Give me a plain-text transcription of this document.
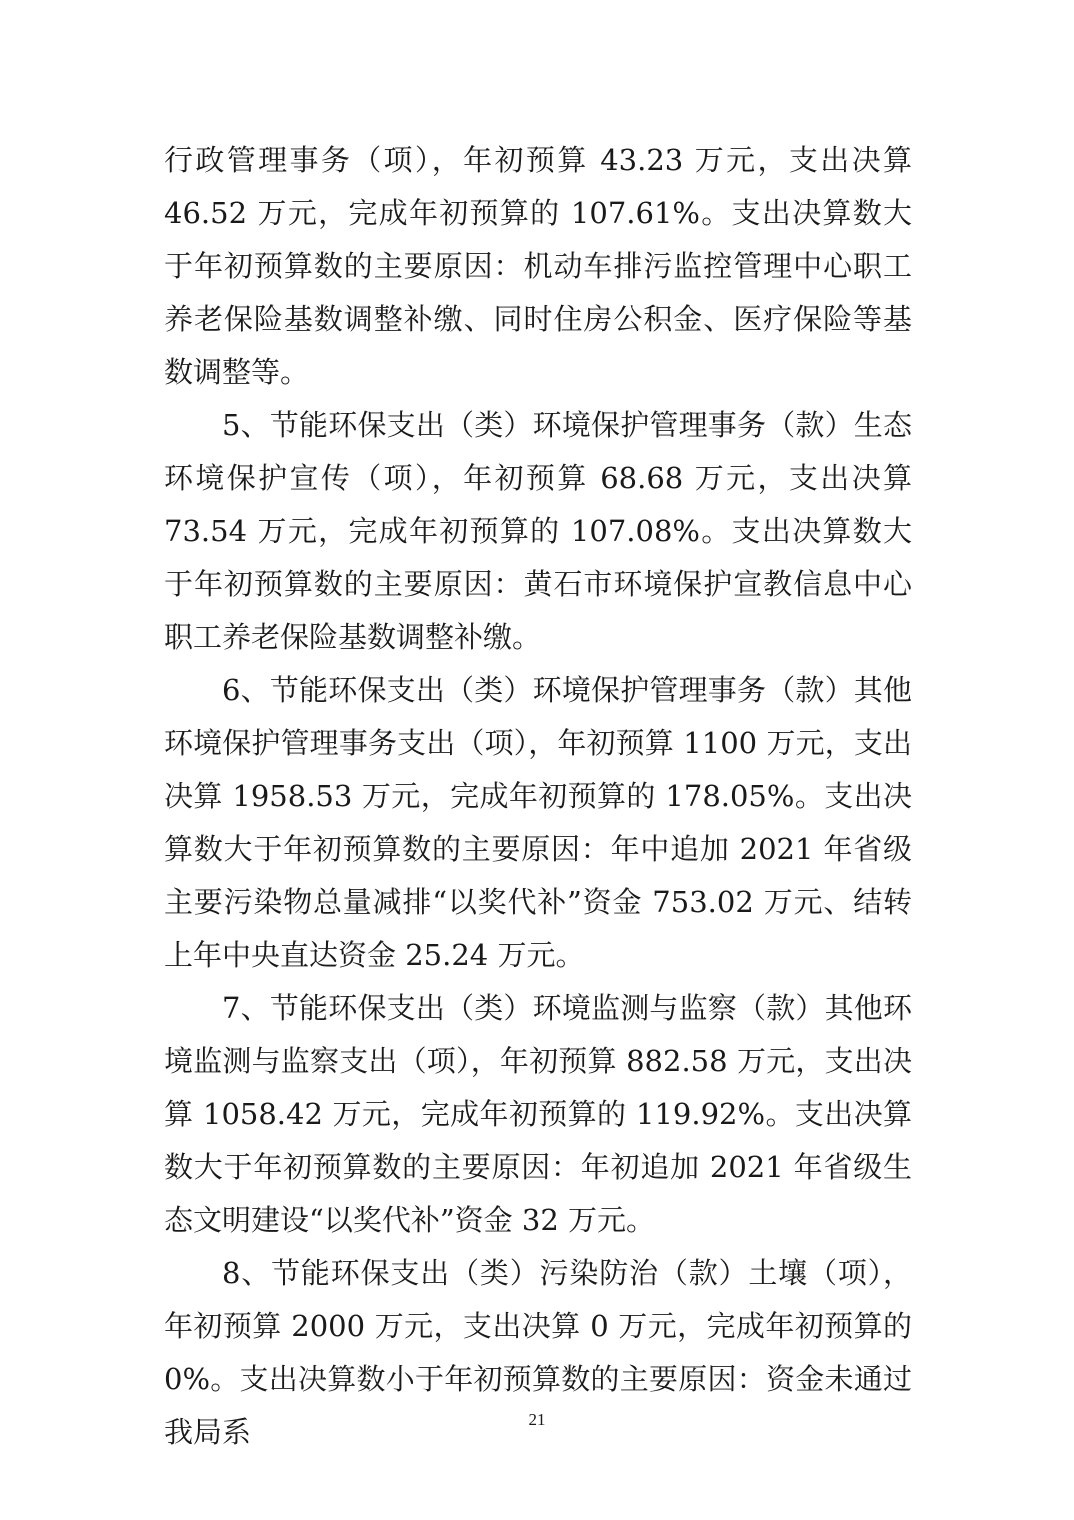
行政管理事务（项），年初预算 43.23 万元，支出决算 46.52 万元，完成年初预算的 107.61%。支出决算数大于年初预算数的主要原因：机动车排污监控管理中心职工养老保险基数调整补缴、同时住房公积金、医疗保险等基数调整等。

5、节能环保支出（类）环境保护管理事务（款）生态环境保护宣传（项），年初预算 68.68 万元，支出决算 73.54 万元，完成年初预算的 107.08%。支出决算数大于年初预算数的主要原因：黄石市环境保护宣教信息中心职工养老保险基数调整补缴。

6、节能环保支出（类）环境保护管理事务（款）其他环境保护管理事务支出（项），年初预算 1100 万元，支出决算 1958.53 万元，完成年初预算的 178.05%。支出决算数大于年初预算数的主要原因：年中追加 2021 年省级主要污染物总量减排“以奖代补”资金 753.02 万元、结转上年中央直达资金 25.24 万元。

7、节能环保支出（类）环境监测与监察（款）其他环境监测与监察支出（项），年初预算 882.58 万元，支出决算 1058.42 万元，完成年初预算的 119.92%。支出决算数大于年初预算数的主要原因：年初追加 2021 年省级生态文明建设“以奖代补”资金 32 万元。

8、节能环保支出（类）污染防治（款）土壤（项），年初预算 2000 万元，支出决算 0 万元，完成年初预算的 0%。支出决算数小于年初预算数的主要原因：资金未通过我局系	21
